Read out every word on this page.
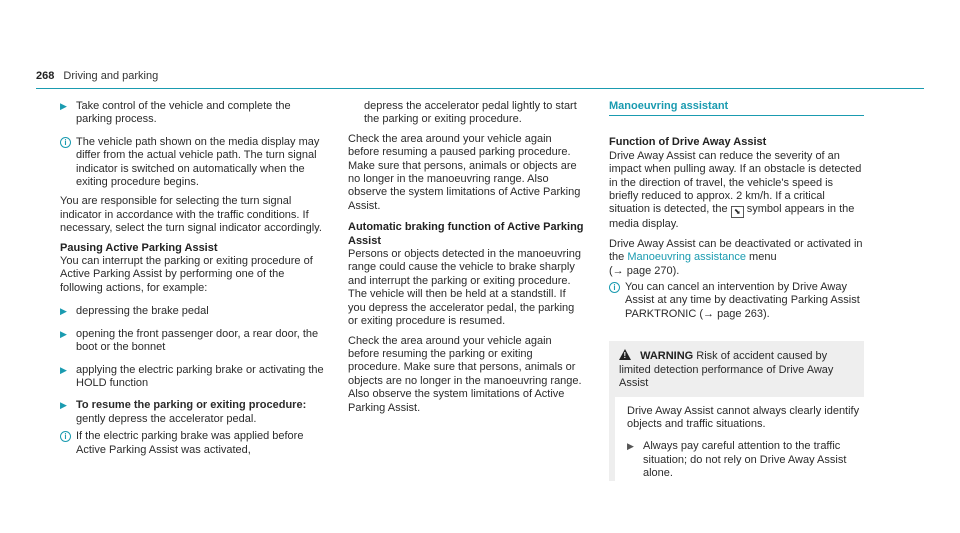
268 Driving and parking
▶ Take control of the vehicle and complete the parking process.
i The vehicle path shown on the media display may differ from the actual vehicle path. The turn signal indicator is switched on automatically when the exiting procedure begins.

You are responsible for selecting the turn signal indicator in accordance with the traffic conditions. If necessary, select the turn signal indicator accordingly.

Pausing Active Parking Assist

You can interrupt the parking or exiting procedure of Active Parking Assist by performing one of the following actions, for example:

▶ depressing the brake pedal
▶ opening the front passenger door, a rear door, the boot or the bonnet
▶ applying the electric parking brake or activating the HOLD function
▶ To resume the parking or exiting procedure:
gently depress the accelerator pedal.
i If the electric parking brake was applied before Active Parking Assist was activated,

depress the accelerator pedal lightly to start the parking or exiting procedure.

Check the area around your vehicle again before resuming a paused parking procedure. Make sure that persons, animals or objects are no longer in the manoeuvring range. Also observe the system limitations of Active Parking Assist.

Automatic braking function of Active Parking Assist

Persons or objects detected in the manoeuvring range could cause the vehicle to brake sharply and interrupt the parking or exiting procedure. The vehicle will then be held at a standstill. If you depress the accelerator pedal, the parking or exiting procedure is resumed.

Check the area around your vehicle again before resuming the parking or exiting procedure. Make sure that persons, animals or objects are no longer in the manoeuvring range. Also observe the system limitations of Active Parking Assist.

Manoeuvring assistant
Function of Drive Away Assist

Drive Away Assist can reduce the severity of an impact when pulling away. If an obstacle is detected in the direction of travel, the vehicle's speed is briefly reduced to approx. 2 km/h. If a critical situation is detected, the ⬊ symbol appears in the media display.

Drive Away Assist can be deactivated or activated in the Manoeuvring assistance menu
(→ page 270).

i You can cancel an intervention by Drive Away Assist at any time by deactivating Parking Assist PARKTRONIC (→ page 263).
! WARNING Risk of accident caused by limited detection performance of Drive Away Assist

Drive Away Assist cannot always clearly identify objects and traffic situations.

▶ Always pay careful attention to the traffic situation; do not rely on Drive Away Assist alone.
